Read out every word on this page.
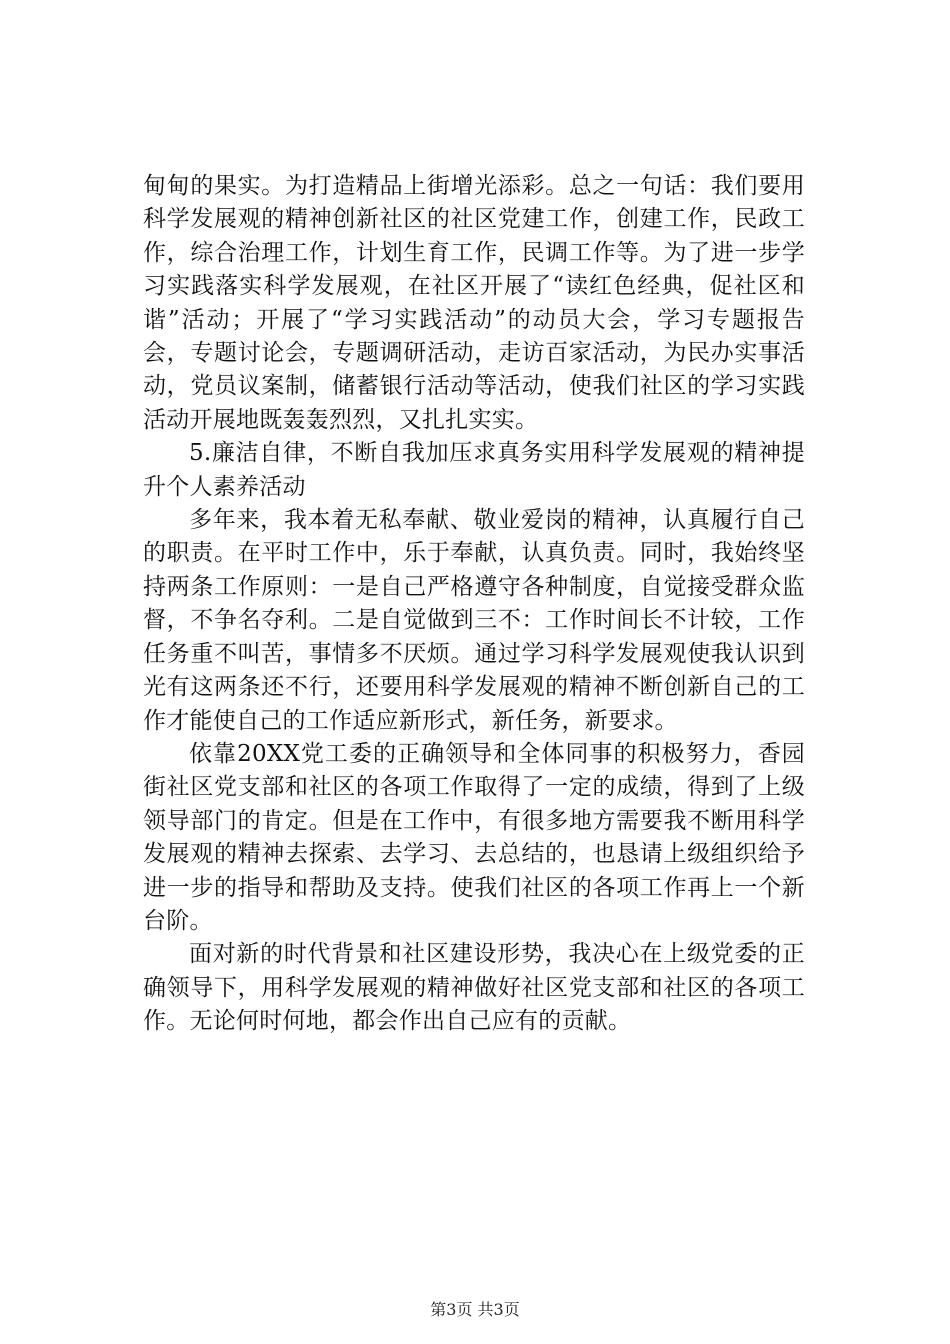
甸甸的果实。为打造精品上街增光添彩。总之一句话：我们要用科学发展观的精神创新社区的社区党建工作，创建工作，民政工作，综合治理工作，计划生育工作，民调工作等。为了进一步学习实践落实科学发展观，在社区开展了“读红色经典，促社区和谐”活动；开展了“学习实践活动”的动员大会，学习专题报告会，专题讨论会，专题调研活动，走访百家活动，为民办实事活动，党员议案制，储蓄银行活动等活动，使我们社区的学习实践活动开展地既轰轰烈烈，又扎扎实实。

5.廉洁自律，不断自我加压求真务实用科学发展观的精神提升个人素养活动

多年来，我本着无私奉献、敬业爱岗的精神，认真履行自己的职责。在平时工作中，乐于奉献，认真负责。同时，我始终坚持两条工作原则：一是自己严格遵守各种制度，自觉接受群众监督，不争名夺利。二是自觉做到三不：工作时间长不计较，工作任务重不叫苦，事情多不厌烦。通过学习科学发展观使我认识到光有这两条还不行，还要用科学发展观的精神不断创新自己的工作才能使自己的工作适应新形式，新任务，新要求。

依靠20XX党工委的正确领导和全体同事的积极努力，香园街社区党支部和社区的各项工作取得了一定的成绩，得到了上级领导部门的肯定。但是在工作中，有很多地方需要我不断用科学发展观的精神去探索、去学习、去总结的，也恳请上级组织给予进一步的指导和帮助及支持。使我们社区的各项工作再上一个新台阶。

面对新的时代背景和社区建设形势，我决心在上级党委的正确领导下，用科学发展观的精神做好社区党支部和社区的各项工作。无论何时何地，都会作出自己应有的贡献。

第3页 共3页
